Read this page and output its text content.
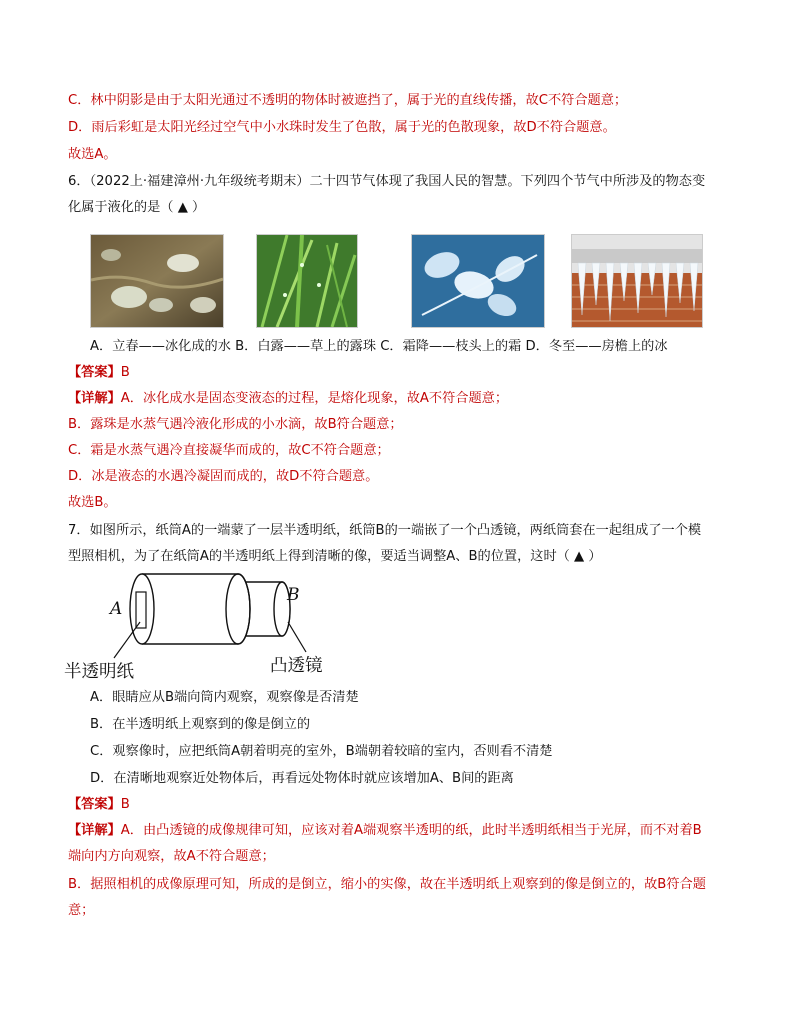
C．林中阴影是由于太阳光通过不透明的物体时被遮挡了，属于光的直线传播，故C不符合题意；
D．雨后彩虹是太阳光经过空气中小水珠时发生了色散，属于光的色散现象，故D不符合题意。
故选A。
6．（2022上·福建漳州·九年级统考期末）二十四节气体现了我国人民的智慧。下列四个节气中所涉及的物态变
化属于液化的是（ ▲ ）
A．立春——冰化成的水 B．白露——草上的露珠 C．霜降——枝头上的霜 D．冬至——房檐上的冰
【答案】B
【详解】A．冰化成水是固态变液态的过程，是熔化现象，故A不符合题意；
B．露珠是水蒸气遇冷液化形成的小水滴，故B符合题意；
C．霜是水蒸气遇冷直接凝华而成的，故C不符合题意；
D．冰是液态的水遇冷凝固而成的，故D不符合题意。
故选B。
7．如图所示，纸筒A的一端蒙了一层半透明纸，纸筒B的一端嵌了一个凸透镜，两纸筒套在一起组成了一个模
型照相机，为了在纸筒A的半透明纸上得到清晰的像，要适当调整A、B的位置，这时（ ▲ ）
A
B
半透明纸	凸透镜
A．眼睛应从B端向筒内观察，观察像是否清楚
B．在半透明纸上观察到的像是倒立的
C．观察像时，应把纸筒A朝着明亮的室外，B端朝着较暗的室内，否则看不清楚
D．在清晰地观察近处物体后，再看远处物体时就应该增加A、B间的距离
【答案】B
【详解】A．由凸透镜的成像规律可知，应该对着A端观察半透明的纸，此时半透明纸相当于光屏，而不对着B
端向内方向观察，故A不符合题意；
B．据照相机的成像原理可知，所成的是倒立，缩小的实像，故在半透明纸上观察到的像是倒立的，故B符合题
意；
